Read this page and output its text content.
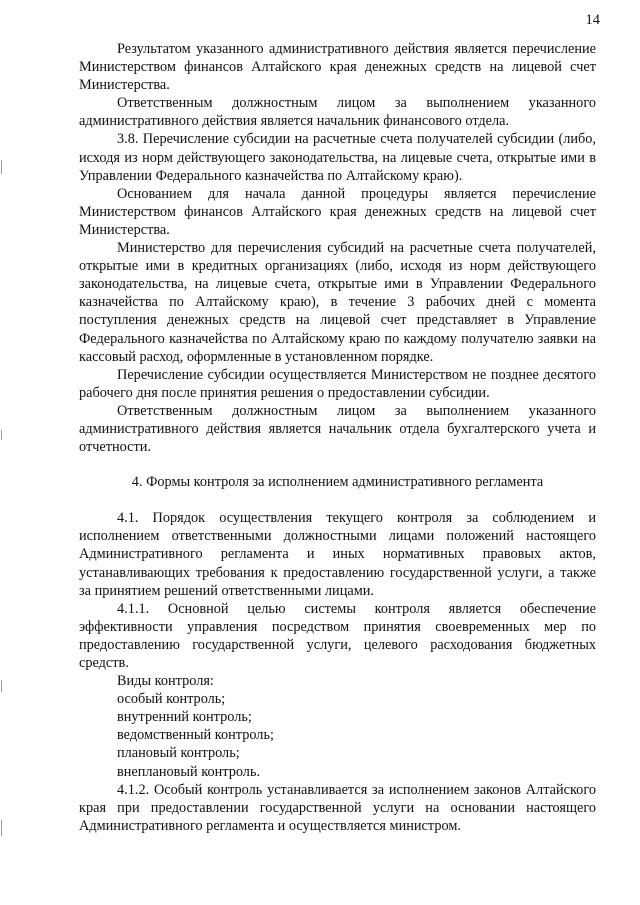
14

Результатом указанного административного действия является перечисление Министерством финансов Алтайского края денежных средств на лицевой счет Министерства.

Ответственным должностным лицом за выполнением указанного административного действия является начальник финансового отдела.

3.8. Перечисление субсидии на расчетные счета получателей субсидии (либо, исходя из норм действующего законодательства, на лицевые счета, открытые ими в Управлении Федерального казначейства по Алтайскому краю).

Основанием для начала данной процедуры является перечисление Министерством финансов Алтайского края денежных средств на лицевой счет Министерства.

Министерство для перечисления субсидий на расчетные счета получателей, открытые ими в кредитных организациях (либо, исходя из норм действующего законодательства, на лицевые счета, открытые ими в Управлении Федерального казначейства по Алтайскому краю), в течение 3 рабочих дней с момента поступления денежных средств на лицевой счет представляет в Управление Федерального казначейства по Алтайскому краю по каждому получателю заявки на кассовый расход, оформленные в установленном порядке.

Перечисление субсидии осуществляется Министерством не позднее десятого рабочего дня после принятия решения о предоставлении субсидии.

Ответственным должностным лицом за выполнением указанного административного действия является начальник отдела бухгалтерского учета и отчетности.

4. Формы контроля за исполнением административного регламента

4.1. Порядок осуществления текущего контроля за соблюдением и исполнением ответственными должностными лицами положений настоящего Административного регламента и иных нормативных правовых актов, устанавливающих требования к предоставлению государственной услуги, а также за принятием решений ответственными лицами.

4.1.1. Основной целью системы контроля является обеспечение эффективности управления посредством принятия своевременных мер по предоставлению государственной услуги, целевого расходования бюджетных средств.

Виды контроля:

особый контроль;
внутренний контроль;
ведомственный контроль;
плановый контроль;
внеплановый контроль.

4.1.2. Особый контроль устанавливается за исполнением законов Алтайского края при предоставлении государственной услуги на основании настоящего Административного регламента и осуществляется министром.
